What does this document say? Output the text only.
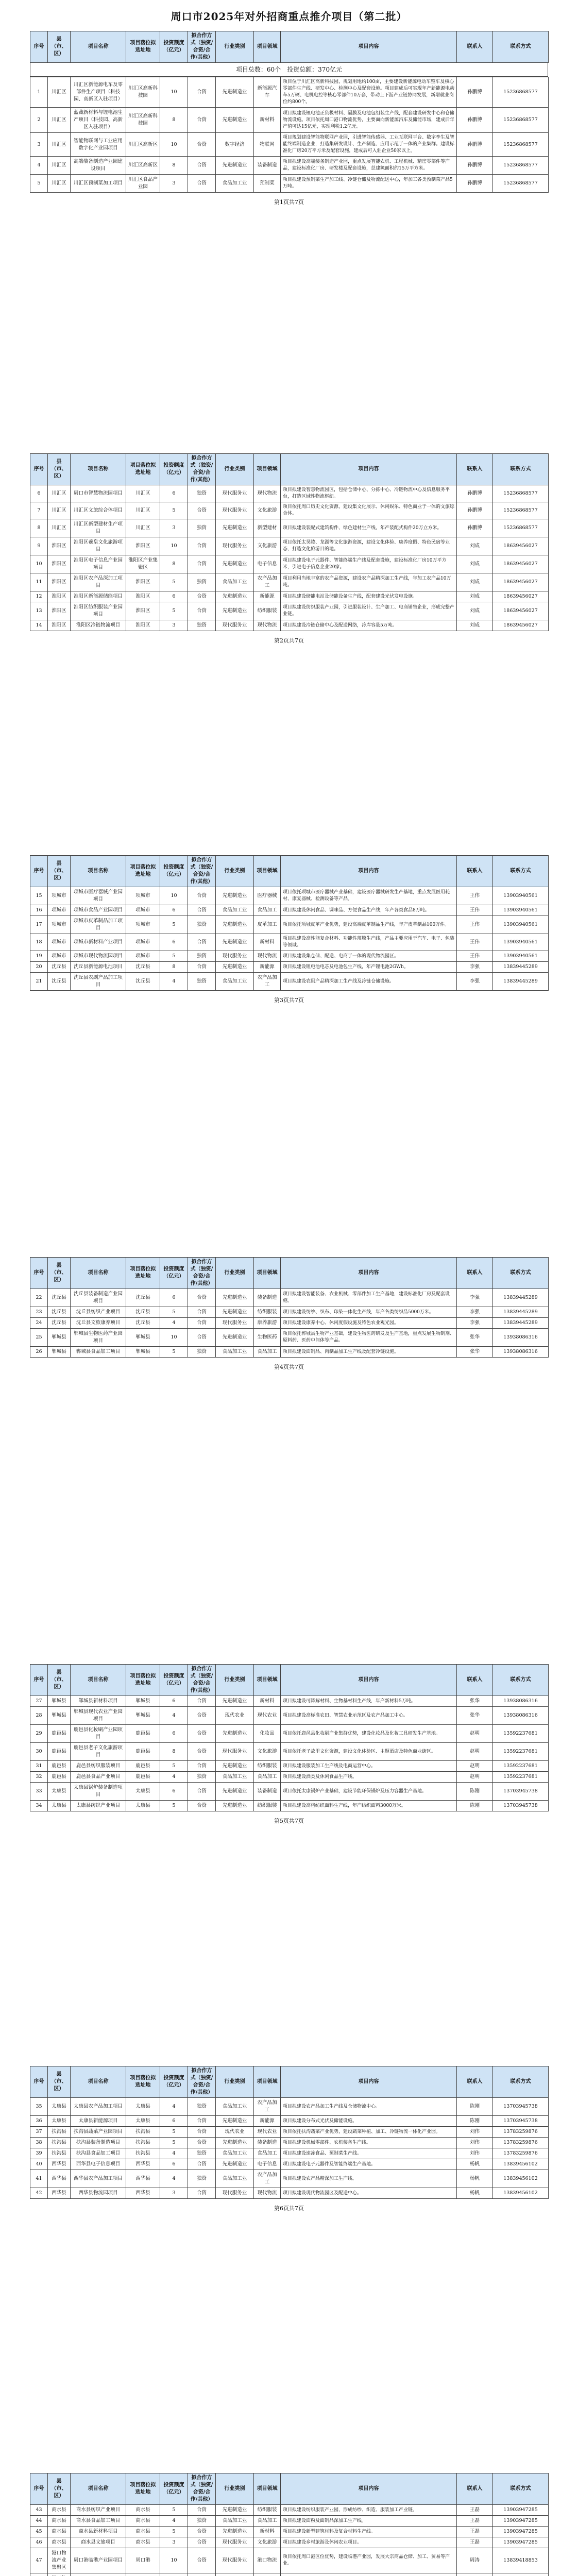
周口市2025年对外招商重点推介项目（第二批）
序号	县（市、区）	项目名称	项目落位拟选址地	投资额度（亿元）	拟合作方式（独资/合资/合作/其他）	行业类别	项目领域	项目内容	联系人	联系方式
项目总数：60个　投资总额：370亿元
1	川汇区	川汇区新能源电车及零部件生产项目（科技园、高新区入驻项目）	川汇区高新科技园	10	合资	先进制造业	新能源汽车	项目位于川汇区高新科技园，规划用地约100亩，主要建设新能源电动车整车及核心零部件生产线、研发中心、检测中心及配套设施。项目建成后可实现年产新能源电动车5万辆、电机电控等核心零部件10万套，带动上下游产业链协同发展，新增就业岗位约800个。	孙鹏博	15236868577
2	川汇区	蓝藏新材料与锂电池生产项目（科技园、高新区入驻项目）	川汇区高新科技园	8	合资	先进制造业	新材料	项目拟建设锂电池正负极材料、隔膜及电池包组装生产线，配套建设研发中心和仓储物流设施。项目依托周口港口物流优势，主要面向新能源汽车及储能市场，建成后年产值可达15亿元，实现利税1.2亿元。	孙鹏博	15236868577
3	川汇区	智能物联网与工业应用数字化产业园项目	川汇区高新区	10	合资	数字经济	物联网	项目规划建设智能物联网产业园，引进智能传感器、工业互联网平台、数字孪生及智能终端制造企业，打造集研发设计、生产制造、应用示范于一体的产业集群。建设标准化厂房20万平方米及配套设施，建成后可入驻企业50家以上。	孙鹏博	15236868577
4	川汇区	高端装备制造产业园建设项目	川汇区高新区	8	合资	先进制造业	装备制造	项目拟建设高端装备制造产业园，重点发展智能农机、工程机械、精密零部件等产品，建设标准化厂房、研发楼及配套设施，总建筑面积约15万平方米。	孙鹏博	15236868577
5	川汇区	川汇区预制菜加工项目	川汇区食品产业园	3	合资	食品加工业	预制菜	项目拟建设预制菜生产加工线、冷链仓储及物流配送中心，年加工各类预制菜产品5万吨。	孙鹏博	15236868577
第1页共7页
序号	县（市、区）	项目名称	项目落位拟选址地	投资额度（亿元）	拟合作方式（独资/合资/合作/其他）	行业类别	项目领域	项目内容	联系人	联系方式
6	川汇区	周口市智慧物流园项目	川汇区	6	独资	现代服务业	现代物流	项目拟建设智慧物流园区，包括仓储中心、分拣中心、冷链物流中心及信息服务平台，打造区域性物流枢纽。	孙鹏博	15236868577
7	川汇区	川汇区文旅综合体项目	川汇区	5	合资	现代服务业	文化旅游	项目依托周口历史文化资源，建设集文化展示、休闲娱乐、特色商业于一体的文旅综合体。	孙鹏博	15236868577
8	川汇区	川汇区新型建材生产项目	川汇区	3	独资	先进制造业	新型建材	项目拟建设装配式建筑构件、绿色建材生产线，年产装配式构件20万立方米。	孙鹏博	15236868577
9	淮阳区	淮阳区羲皇文化旅游项目	淮阳区	10	合资	现代服务业	文化旅游	项目依托太昊陵、龙湖等文化旅游资源，建设文化体验、康养度假、特色民宿等业态，打造文化旅游目的地。	刘成	18639456027
10	淮阳区	淮阳区电子信息产业园项目	淮阳区产业集聚区	8	合资	先进制造业	电子信息	项目拟建设电子元器件、智能终端生产线及配套设施，建设标准化厂房10万平方米，引进电子信息企业20家。	刘成	18639456027
11	淮阳区	淮阳区农产品深加工项目	淮阳区	5	独资	食品加工业	农产品加工	项目利用当地丰富的农产品资源，建设农产品精深加工生产线，年加工农产品10万吨。	刘成	18639456027
12	淮阳区	淮阳区新能源储能项目	淮阳区	6	合资	先进制造业	新能源	项目拟建设储能电站及储能设备生产线，配套建设光伏发电设施。	刘成	18639456027
13	淮阳区	淮阳区纺织服装产业园项目	淮阳区	5	合资	先进制造业	纺织服装	项目拟建设纺织服装产业园，引进服装设计、生产加工、电商销售企业，形成完整产业链。	刘成	18639456027
14	淮阳区	淮阳区冷链物流项目	淮阳区	3	独资	现代服务业	现代物流	项目拟建设冷链仓储中心及配送网络，冷库容量5万吨。	刘成	18639456027
第2页共7页
序号	县（市、区）	项目名称	项目落位拟选址地	投资额度（亿元）	拟合作方式（独资/合资/合作/其他）	行业类别	项目领域	项目内容	联系人	联系方式
15	项城市	项城市医疗器械产业园项目	项城市	10	合资	先进制造业	医疗器械	项目依托项城市医疗器械产业基础，建设医疗器械研发生产基地，重点发展医用耗材、康复器械、检测设备等产品。	王伟	13903940561
16	项城市	项城市食品产业园项目	项城市	6	合资	食品加工业	食品加工	项目拟建设休闲食品、调味品、方便食品生产线，年产各类食品8万吨。	王伟	13903940561
17	项城市	项城市皮革制品加工项目	项城市	5	独资	先进制造业	皮革加工	项目依托项城皮革产业优势，建设高端皮革制品生产线，年产皮革制品100万件。	王伟	13903940561
18	项城市	项城市新材料产业项目	项城市	6	合资	先进制造业	新材料	项目拟建设高性能复合材料、功能性薄膜生产线，产品主要应用于汽车、电子、包装等领域。	王伟	13903940561
19	项城市	项城市现代物流园项目	项城市	5	独资	现代服务业	现代物流	项目拟建设集仓储、配送、电商于一体的现代物流园区。	王伟	13903940561
20	沈丘县	沈丘县新能源电池项目	沈丘县	8	合资	先进制造业	新能源	项目拟建设锂电池电芯及电池包生产线，年产锂电池2GWh。	李强	13839445289
21	沈丘县	沈丘县农副产品加工项目	沈丘县	4	独资	食品加工业	农产品加工	项目拟建设农副产品精深加工生产线及冷链仓储设施。	李强	13839445289
第3页共7页
序号	县（市、区）	项目名称	项目落位拟选址地	投资额度（亿元）	拟合作方式（独资/合资/合作/其他）	行业类别	项目领域	项目内容	联系人	联系方式
22	沈丘县	沈丘县装备制造产业园项目	沈丘县	6	合资	先进制造业	装备制造	项目拟建设智能装备、农业机械、零部件加工生产基地，建设标准化厂房及配套设施。	李强	13839445289
23	沈丘县	沈丘县纺织产业项目	沈丘县	5	合资	先进制造业	纺织服装	项目拟建设纺纱、织布、印染一体化生产线，年产各类纺织品5000万米。	李强	13839445289
24	沈丘县	沈丘县文旅康养项目	沈丘县	4	合资	现代服务业	康养旅游	项目拟建设康养中心、休闲度假设施及特色农业观光园。	李强	13839445289
25	郸城县	郸城县生物医药产业园项目	郸城县	10	合资	先进制造业	生物医药	项目依托郸城县生物产业基础，建设生物医药研发及生产基地，重点发展生物制剂、原料药、医药中间体等产品。	张华	13938086316
26	郸城县	郸城县食品加工项目	郸城县	5	独资	食品加工业	食品加工	项目拟建设面制品、肉制品加工生产线及配套冷链设施。	张华	13938086316
第4页共7页
序号	县（市、区）	项目名称	项目落位拟选址地	投资额度（亿元）	拟合作方式（独资/合资/合作/其他）	行业类别	项目领域	项目内容	联系人	联系方式
27	郸城县	郸城县新材料项目	郸城县	6	合资	先进制造业	新材料	项目拟建设可降解材料、生物基材料生产线，年产新材料5万吨。	张华	13938086316
28	郸城县	郸城县现代农业产业园项目	郸城县	4	合资	现代农业	现代农业	项目拟建设高标准农田、智慧农业示范区及农产品加工中心。	张华	13938086316
29	鹿邑县	鹿邑县化妆刷产业园项目	鹿邑县	6	合资	先进制造业	化妆品	项目依托鹿邑县化妆刷产业集群优势，建设化妆品及化妆工具研发生产基地。	赵明	13592237681
30	鹿邑县	鹿邑县老子文化旅游项目	鹿邑县	8	合资	现代服务业	文化旅游	项目依托老子故里文化资源，建设文化体验区、主题酒店及特色商业街区。	赵明	13592237681
31	鹿邑县	鹿邑县纺织服装项目	鹿邑县	5	合资	先进制造业	纺织服装	项目拟建设服装加工生产线及电商运营中心。	赵明	13592237681
32	鹿邑县	鹿邑县食品产业项目	鹿邑县	4	独资	食品加工业	食品加工	项目拟建设酒类及休闲食品生产线。	赵明	13592237681
33	太康县	太康县锅炉装备制造项目	太康县	6	合资	先进制造业	装备制造	项目依托太康锅炉产业基础，建设节能环保锅炉及压力容器生产基地。	陈刚	13703945738
34	太康县	太康县纺织产业项目	太康县	5	合资	先进制造业	纺织服装	项目拟建设高档纺织面料生产线，年产纺织面料3000万米。	陈刚	13703945738
第5页共7页
序号	县（市、区）	项目名称	项目落位拟选址地	投资额度（亿元）	拟合作方式（独资/合资/合作/其他）	行业类别	项目领域	项目内容	联系人	联系方式
35	太康县	太康县农产品加工项目	太康县	4	独资	食品加工业	农产品加工	项目拟建设农产品加工生产线及仓储物流中心。	陈刚	13703945738
36	太康县	太康县新能源项目	太康县	6	合资	先进制造业	新能源	项目拟建设分布式光伏及储能设施。	陈刚	13703945738
37	扶沟县	扶沟县蔬菜产业园项目	扶沟县	5	合资	现代农业	现代农业	项目依托扶沟蔬菜产业优势，建设蔬菜种植、加工、冷链物流一体化产业园。	刘伟	13783259876
38	扶沟县	扶沟县装备制造项目	扶沟县	5	合资	先进制造业	装备制造	项目拟建设机械零部件、农机装备生产线。	刘伟	13783259876
39	扶沟县	扶沟县食品加工项目	扶沟县	4	独资	食品加工业	食品加工	项目拟建设速冻食品、预制菜生产线。	刘伟	13783259876
40	西华县	西华县电子信息项目	西华县	6	合资	先进制造业	电子信息	项目拟建设电子元器件及智能终端生产基地。	杨帆	13839456102
41	西华县	西华县农产品加工项目	西华县	4	独资	食品加工业	农产品加工	项目拟建设农产品精深加工生产线。	杨帆	13839456102
42	西华县	西华县物流园项目	西华县	3	合资	现代服务业	现代物流	项目拟建设现代物流园区及配送中心。	杨帆	13839456102
第6页共7页
序号	县（市、区）	项目名称	项目落位拟选址地	投资额度（亿元）	拟合作方式（独资/合资/合作/其他）	行业类别	项目领域	项目内容	联系人	联系方式
43	商水县	商水县纺织产业项目	商水县	5	合资	先进制造业	纺织服装	项目拟建设纺织服装产业园，形成纺纱、织造、服装加工产业链。	王磊	13903947285
44	商水县	商水县食品加工项目	商水县	4	独资	食品加工业	食品加工	项目拟建设面粉及面制品深加工生产线。	王磊	13903947285
45	商水县	商水县新材料项目	商水县	5	合资	先进制造业	新材料	项目拟建设新型建筑材料及复合材料生产线。	王磊	13903947285
46	商水县	商水县文旅项目	商水县	3	合资	现代服务业	文化旅游	项目拟建设乡村旅游及休闲农业项目。	王磊	13903947285
47	港口物流产业集聚区	周口港临港产业园项目	周口港	10	合资	现代服务业	港口物流	项目依托周口港区位优势，建设临港产业园，发展大宗商品仓储、加工、贸易等产业。	周涛	13839418853
